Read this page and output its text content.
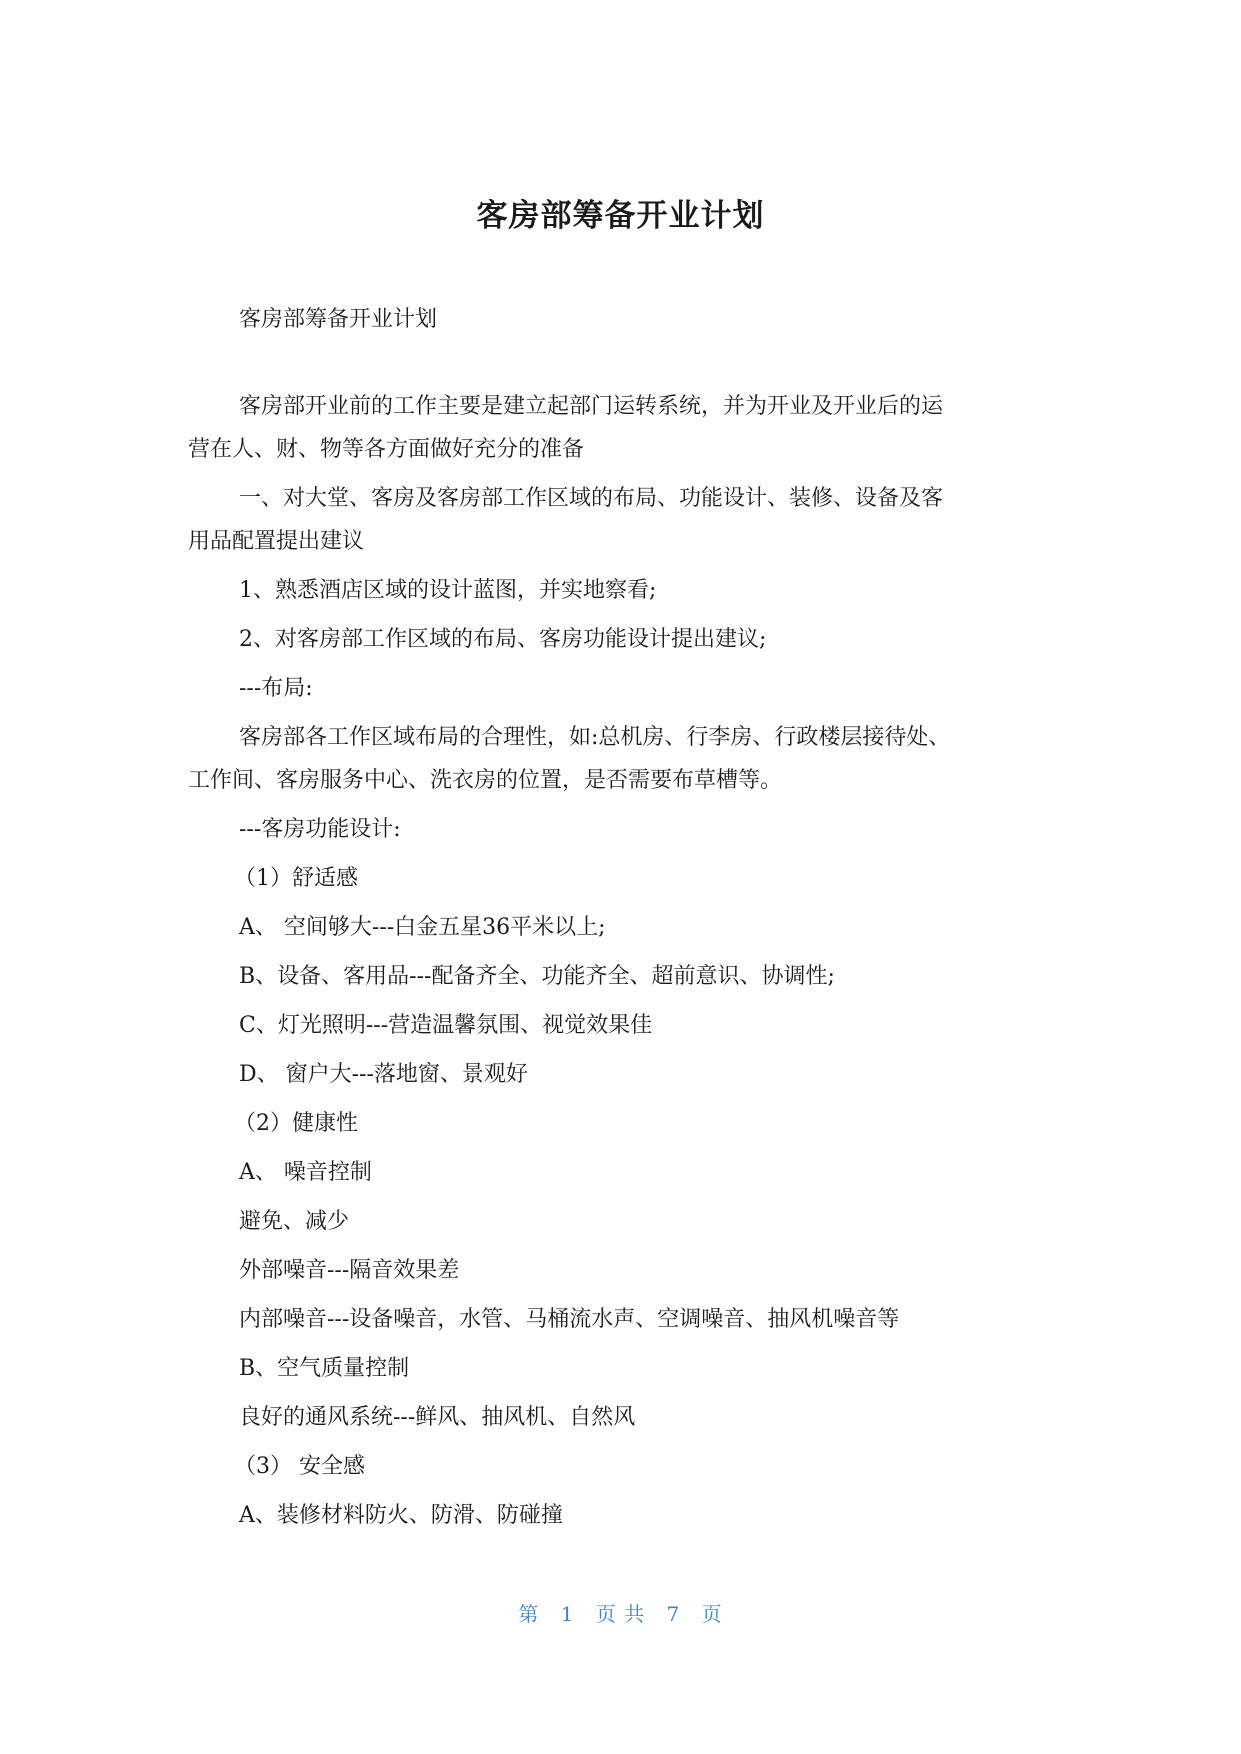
客房部筹备开业计划
客房部筹备开业计划
客房部开业前的工作主要是建立起部门运转系统，并为开业及开业后的运
营在人、财、物等各方面做好充分的准备
一、对大堂、客房及客房部工作区域的布局、功能设计、装修、设备及客
用品配置提出建议
1、熟悉酒店区域的设计蓝图，并实地察看;
2、对客房部工作区域的布局、客房功能设计提出建议;
---布局:
客房部各工作区域布局的合理性，如:总机房、行李房、行政楼层接待处、
工作间、客房服务中心、洗衣房的位置，是否需要布草槽等。
---客房功能设计:
（1）舒适感
A、 空间够大---白金五星36平米以上;
B、设备、客用品---配备齐全、功能齐全、超前意识、协调性;
C、灯光照明---营造温馨氛围、视觉效果佳
D、 窗户大---落地窗、景观好
（2）健康性
A、 噪音控制
避免、减少
外部噪音---隔音效果差
内部噪音---设备噪音，水管、马桶流水声、空调噪音、抽风机噪音等
B、空气质量控制
良好的通风系统---鲜风、抽风机、自然风
（3） 安全感
A、装修材料防火、防滑、防碰撞
第 1 页 共 7 页
